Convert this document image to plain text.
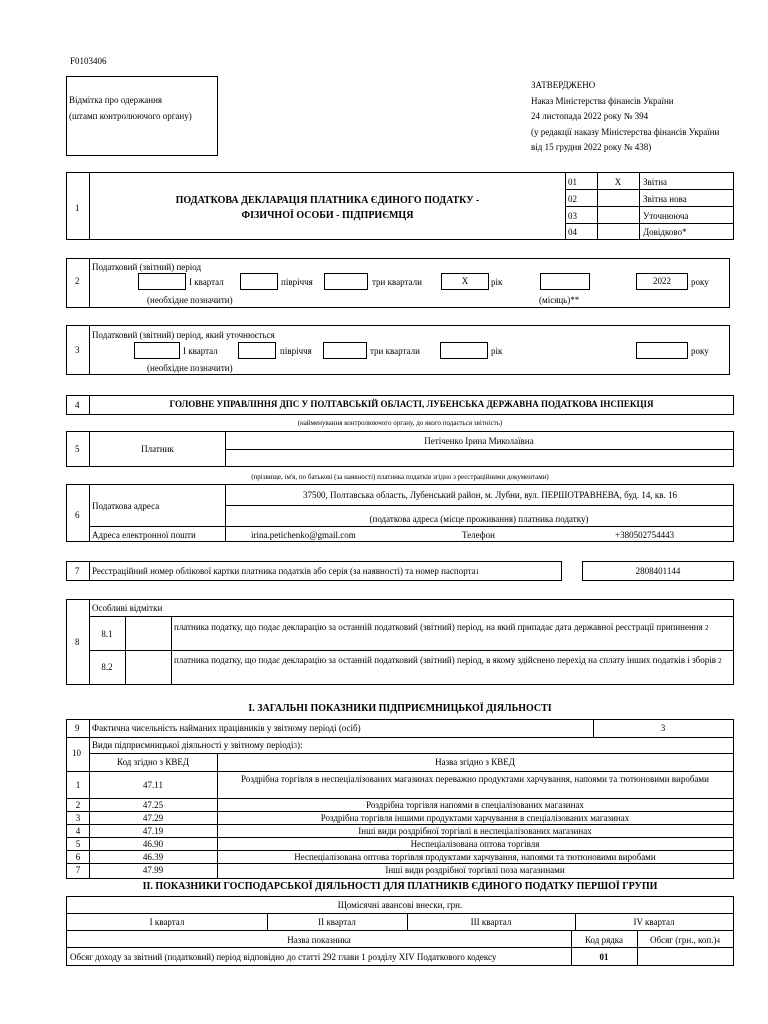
F0103406
Відмітка про одержання
(штамп контролюючого органу)
ЗАТВЕРДЖЕНО
Наказ Міністерства фінансів України
24 листопада 2022 року № 394
(у редакції наказу Міністерства фінансів України
від 15 грудня 2022 року № 438)
1
ПОДАТКОВА ДЕКЛАРАЦІЯ ПЛАТНИКА ЄДИНОГО ПОДАТКУ -
ФІЗИЧНОЇ ОСОБИ - ПІДПРИЄМЦЯ
01	X	Звітна
02	Звітна нова
03	Уточнююча
04	Довідково*
2
Податковий (звітний) період
(необхідне позначити)	(місяць)**
I квартал	півріччя	три квартали	X	рік	2022	року
3
Податковий (звітний) період, який уточнюється
(необхідне позначити)
I квартал	півріччя	три квартали	рік	року
4	ГОЛОВНЕ УПРАВЛІННЯ ДПС У ПОЛТАВСЬКІЙ ОБЛАСТІ, ЛУБЕНСЬКА ДЕРЖАВНА ПОДАТКОВА ІНСПЕКЦІЯ
(найменування контролюючого органу, до якого подається звітність)
5	Платник
Петіченко Ірина Миколаївна
(прізвище, ім'я, по батькові (за наявності) платника податків згідно з реєстраційними документами)
6
Податкова адреса
37500, Полтавська область, Лубенський район, м. Лубни, вул. ПЕРШОТРАВНЕВА, буд. 14, кв. 16
(податкова адреса (місце проживання) платника податку)
Адреса електронної пошти	irina.petichenko@gmail.com	Телефон	+380502754443
7 Реєстраційний номер облікової картки платника податків або серія (за наявності) та номер паспорта1	2808401144
8
Особливі відмітки
8.1
платника податку, що подає декларацію за останній податковий (звітний) період, на який припадає дата державної реєстрації припинення 2
8.2
платника податку, що подає декларацію за останній податковий (звітний) період, в якому здійснено перехід на сплату інших податків і зборів 2
I. ЗАГАЛЬНІ ПОКАЗНИКИ ПІДПРИЄМНИЦЬКОЇ ДІЯЛЬНОСТІ
9 Фактична чисельність найманих працівників у звітному періоді (осіб)	3
10
Види підприємницької діяльності у звітному періоді3):
Код згідно з КВЕД	Назва згідно з КВЕД
1	47.11
Роздрібна торгівля в неспеціалізованих магазинах переважно продуктами харчування, напоями та тютюновими виробами
2	47.25	Роздрібна торгівля напоями в спеціалізованих магазинах
3	47.29	Роздрібна торгівля іншими продуктами харчування в спеціалізованих магазинах
4	47.19	Інші види роздрібної торгівлі в неспеціалізованих магазинах
5	46.90	Неспеціалізована оптова торгівля
6	46.39	Неспеціалізована оптова торгівля продуктами харчування, напоями та тютюновими виробами
7	47.99	Інші види роздрібної торгівлі поза магазинами
II. ПОКАЗНИКИ ГОСПОДАРСЬКОЇ ДІЯЛЬНОСТІ ДЛЯ ПЛАТНИКІВ ЄДИНОГО ПОДАТКУ ПЕРШОЇ ГРУПИ
Щомісячні авансові внески, грн.
I квартал	II квартал	III квартал	IV квартал
Назва показника	Код рядка	Обсяг (грн., коп.)4
Обсяг доходу за звітний (податковий) період відповідно до статті 292 глави 1 розділу XIV Податкового кодексу	01
